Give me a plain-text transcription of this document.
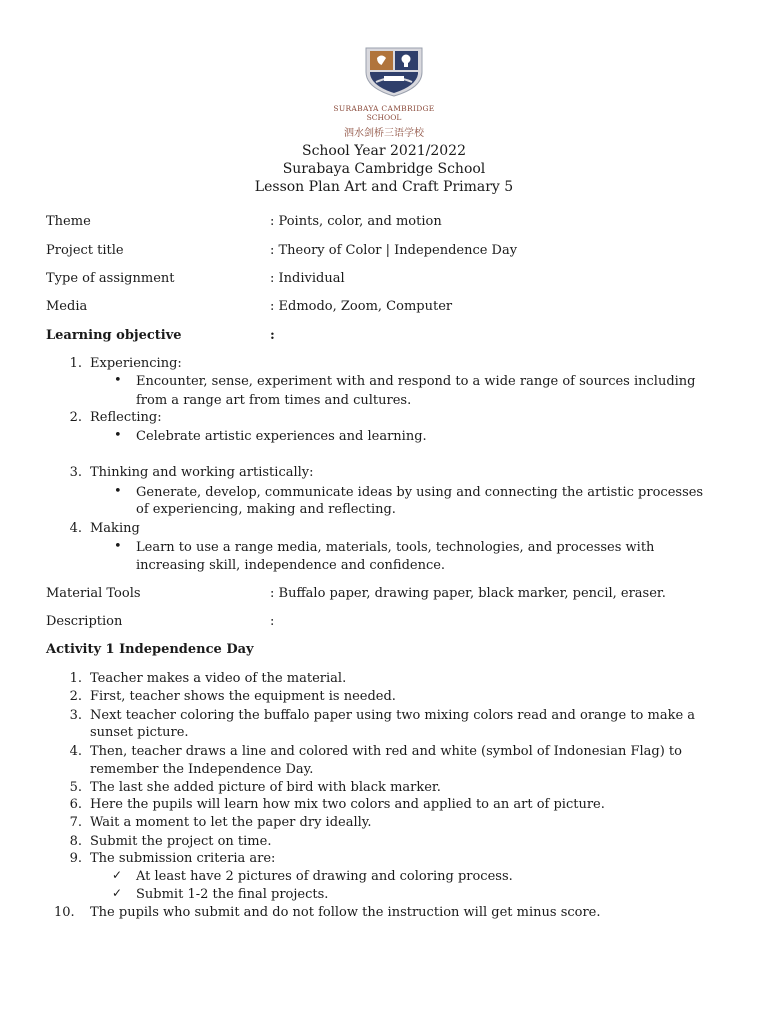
SURABAYA CAMBRIDGE
SCHOOL
泗水剑桥三语学校
School Year 2021/2022
Surabaya Cambridge School
Lesson Plan Art and Craft Primary 5
Theme	: Points, color, and motion
Project title	: Theory of Color | Independence Day
Type of assignment	: Individual
Media	: Edmodo, Zoom, Computer
Learning objective	:
1. Experiencing:
• Encounter, sense, experiment with and respond to a wide range of sources including
from a range art from times and cultures.
2. Reflecting:
• Celebrate artistic experiences and learning.
3. Thinking and working artistically:
• Generate, develop, communicate ideas by using and connecting the artistic processes
of experiencing, making and reflecting.
4. Making
• Learn to use a range media, materials, tools, technologies, and processes with
increasing skill, independence and confidence.
Material Tools	: Buffalo paper, drawing paper, black marker, pencil, eraser.
Description	:
Activity 1 Independence Day
1. Teacher makes a video of the material.
2. First, teacher shows the equipment is needed.
3. Next teacher coloring the buffalo paper using two mixing colors read and orange to make a
sunset picture.
4. Then, teacher draws a line and colored with red and white (symbol of Indonesian Flag) to
remember the Independence Day.
5. The last she added picture of bird with black marker.
6. Here the pupils will learn how mix two colors and applied to an art of picture.
7. Wait a moment to let the paper dry ideally.
8. Submit the project on time.
9. The submission criteria are:
✓ At least have 2 pictures of drawing and coloring process.
✓ Submit 1-2 the final projects.
10.	The pupils who submit and do not follow the instruction will get minus score.
